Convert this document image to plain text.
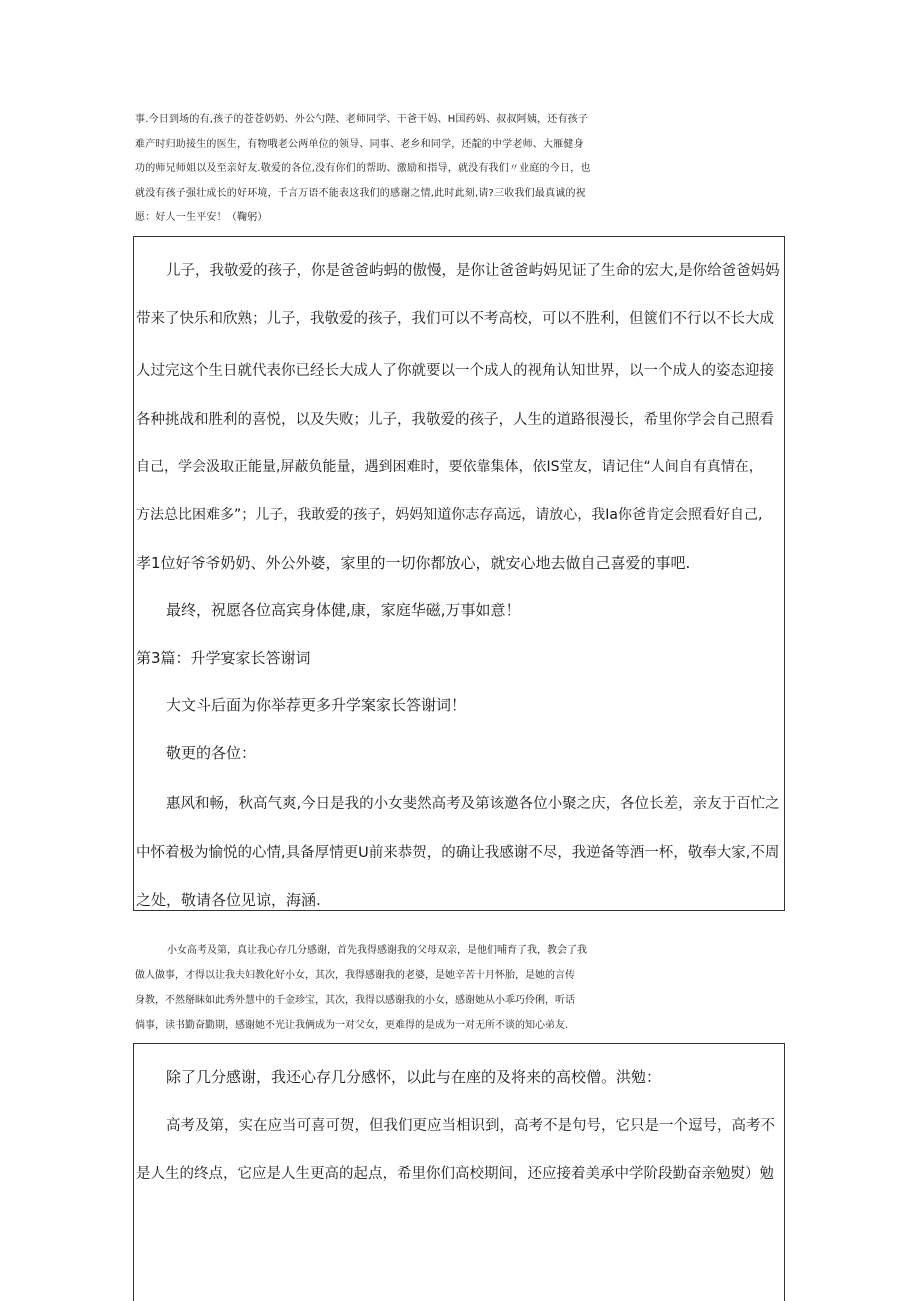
事.今日到场的有,孩子的苍苍奶奶、外公勺陛、老师同学、干爸干妈、H国药妈、叔叔阿姨，还有孩子
难产时归助接生的医生，有物哦老公两单位的领导、同事、老乡和同学，还靛的中学老师、大雁健身
功的师兄师姐以及至亲好友.敬爱的各位,没有你们的帮助、激励和指导，就没有我们〃业庭的今日，也
就没有孩子强壮成长的好环境，千言万语不能表这我们的感谢之情,此时此刻,请?三收我们最真诚的祝
愿：好人一生平安！（鞠躬）
儿子，我敬爱的孩子，你是爸爸屿蚂的傲慢，是你让爸爸屿妈见证了生命的宏大,是你给爸爸妈妈
带来了快乐和欣熟；儿子，我敬爱的孩子，我们可以不考高校，可以不胜利，但篋们不行以不长大成
人过完这个生日就代表你已经长大成人了你就要以一个成人的视角认知世界，以一个成人的姿态迎接
各种挑战和胜利的喜悦，以及失败；儿子，我敬爱的孩子，人生的道路很漫长，希里你学会自己照看
自己，学会汲取正能量,屏蔽负能量，遇到困难时，要依靠集体，依IS堂友，请记住“人间自有真情在，
方法总比困难多”；儿子，我敢爱的孩子，妈妈知道你志存高远，请放心，我Ia你爸肯定会照看好自己,
孝1位好爷爷奶奶、外公外婆，家里的一切你都放心，就安心地去做自己喜爱的事吧.
最终，祝愿各位高宾身体健,康，家庭华磁,万事如意！
第3篇：升学宴家长答谢词
大文斗后面为你举荐更多升学案家长答谢词！
敬更的各位：
惠风和畅，秋高气爽,今日是我的小女斐然高考及第该邀各位小聚之庆，各位长差，亲友于百忙之
中怀着极为愉悦的心情,具备厚情更U前来恭贺，的确让我感谢不尽，我逆备等酒一杯，敬奉大家,不周
之处，敬请各位见谅，海涵.
小女高考及第，真让我心存几分感谢，首先我得感谢我的父母双亲，是他们哺育了我，教会了我
做人做事，才得以让我夫妇教化好小女，其次，我得感谢我的老婆，是她辛苦十月怀胎，是她的言传
身教，不然掰眛如此秀外慧中的千金珍宝，其次，我得以感谢我的小女，感谢她从小乖巧伶俐，听话
倘事，读书勤奋勤期，感谢她不光让我俩成为一对父女，更难得的是成为一对无所不谈的知心弟友.
除了几分感谢，我还心存几分感怀，以此与在座的及将来的高校僧。洪勉：
高考及第，实在应当可喜可贺，但我们更应当相识到，高考不是句号，它只是一个逗号，高考不
是人生的终点，它应是人生更高的起点，希里你们高校期间，还应接着美承中学阶段勤奋亲勉熨）勉
